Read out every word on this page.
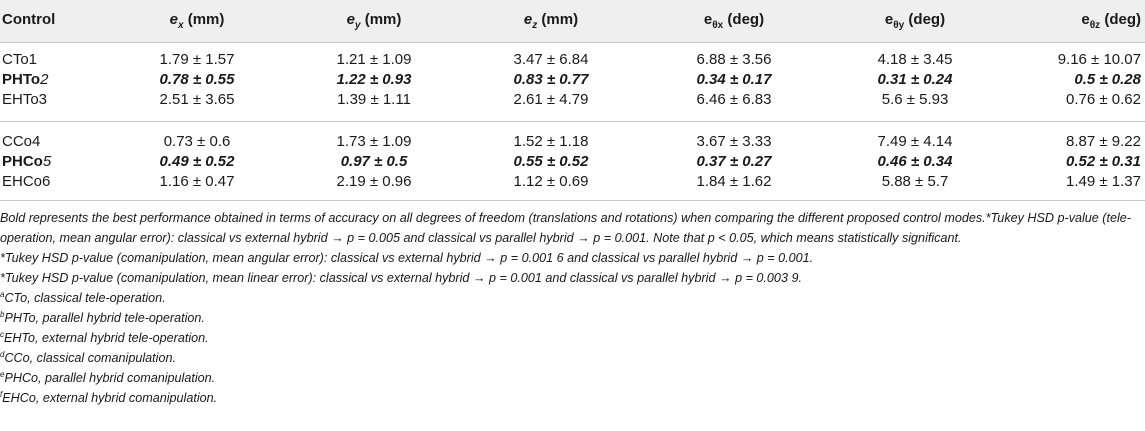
Control	$e_x$ (mm)	$e_y$ (mm)	$e_z$ (mm)	$e_{\theta x}$ (deg)	$e_{\theta y}$ (deg)	$e_{\theta z}$ (deg)
CTo1	1.79 ± 1.57	1.21 ± 1.09	3.47 ± 6.84	6.88 ± 3.56	4.18 ± 3.45	9.16 ± 10.07
PHTo2	0.78 ± 0.55	1.22 ± 0.93	0.83 ± 0.77	0.34 ± 0.17	0.31 ± 0.24	0.5 ± 0.28
EHTo3	2.51 ± 3.65	1.39 ± 1.11	2.61 ± 4.79	6.46 ± 6.83	5.6 ± 5.93	0.76 ± 0.62
CCo4	0.73 ± 0.6	1.73 ± 1.09	1.52 ± 1.18	3.67 ± 3.33	7.49 ± 4.14	8.87 ± 9.22
PHCo5	0.49 ± 0.52	0.97 ± 0.5	0.55 ± 0.52	0.37 ± 0.27	0.46 ± 0.34	0.52 ± 0.31
EHCo6	1.16 ± 0.47	2.19 ± 0.96	1.12 ± 0.69	1.84 ± 1.62	5.88 ± 5.7	1.49 ± 1.37

Bold represents the best performance obtained in terms of accuracy on all degrees of freedom (translations and rotations) when comparing the different proposed control modes.*Tukey HSD p-value (tele-operation, mean angular error): classical vs external hybrid → p = 0.005 and classical vs parallel hybrid → p = 0.001. Note that p < 0.05, which means statistically significant.

*Tukey HSD p-value (comanipulation, mean angular error): classical vs external hybrid → p = 0.001 6 and classical vs parallel hybrid → p = 0.001.

*Tukey HSD p-value (comanipulation, mean linear error): classical vs external hybrid → p = 0.001 and classical vs parallel hybrid → p = 0.003 9.

$^a$CTo, classical tele-operation.

$^b$PHTo, parallel hybrid tele-operation.

$^c$EHTo, external hybrid tele-operation.

$^d$CCo, classical comanipulation.

$^e$PHCo, parallel hybrid comanipulation.

$^f$EHCo, external hybrid comanipulation.
